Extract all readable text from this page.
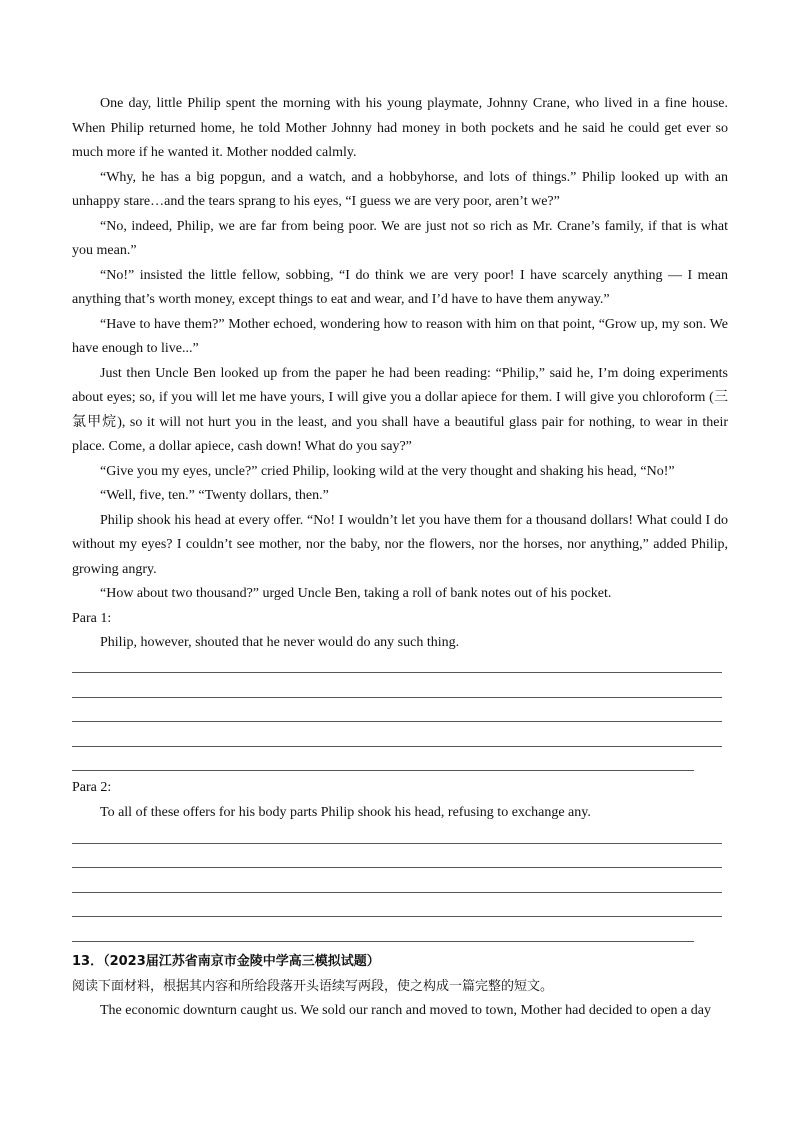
One day, little Philip spent the morning with his young playmate, Johnny Crane, who lived in a fine house. When Philip returned home, he told Mother Johnny had money in both pockets and he said he could get ever so much more if he wanted it. Mother nodded calmly.

“Why, he has a big popgun, and a watch, and a hobbyhorse, and lots of things.” Philip looked up with an unhappy stare…and the tears sprang to his eyes, “I guess we are very poor, aren’t we?”

“No, indeed, Philip, we are far from being poor. We are just not so rich as Mr. Crane’s family, if that is what you mean.”

“No!” insisted the little fellow, sobbing, “I do think we are very poor! I have scarcely anything — I mean anything that’s worth money, except things to eat and wear, and I’d have to have them anyway.”

“Have to have them?” Mother echoed, wondering how to reason with him on that point, “Grow up, my son. We have enough to live...”

Just then Uncle Ben looked up from the paper he had been reading: “Philip,” said he, I’m doing experiments about eyes; so, if you will let me have yours, I will give you a dollar apiece for them. I will give you chloroform (三氯甲烷), so it will not hurt you in the least, and you shall have a beautiful glass pair for nothing, to wear in their place. Come, a dollar apiece, cash down! What do you say?”

“Give you my eyes, uncle?” cried Philip, looking wild at the very thought and shaking his head, “No!”

“Well, five, ten.” “Twenty dollars, then.”

Philip shook his head at every offer. “No! I wouldn’t let you have them for a thousand dollars! What could I do without my eyes? I couldn’t see mother, nor the baby, nor the flowers, nor the horses, nor anything,” added Philip, growing angry.

“How about two thousand?” urged Uncle Ben, taking a roll of bank notes out of his pocket.

Para 1:

Philip, however, shouted that he never would do any such thing.

Para 2:

To all of these offers for his body parts Philip shook his head, refusing to exchange any.

13．（2023届江苏省南京市金陵中学高三模拟试题）

阅读下面材料，根据其内容和所给段落开头语续写两段，使之构成一篇完整的短文。

The economic downturn caught us. We sold our ranch and moved to town, Mother had decided to open a day
